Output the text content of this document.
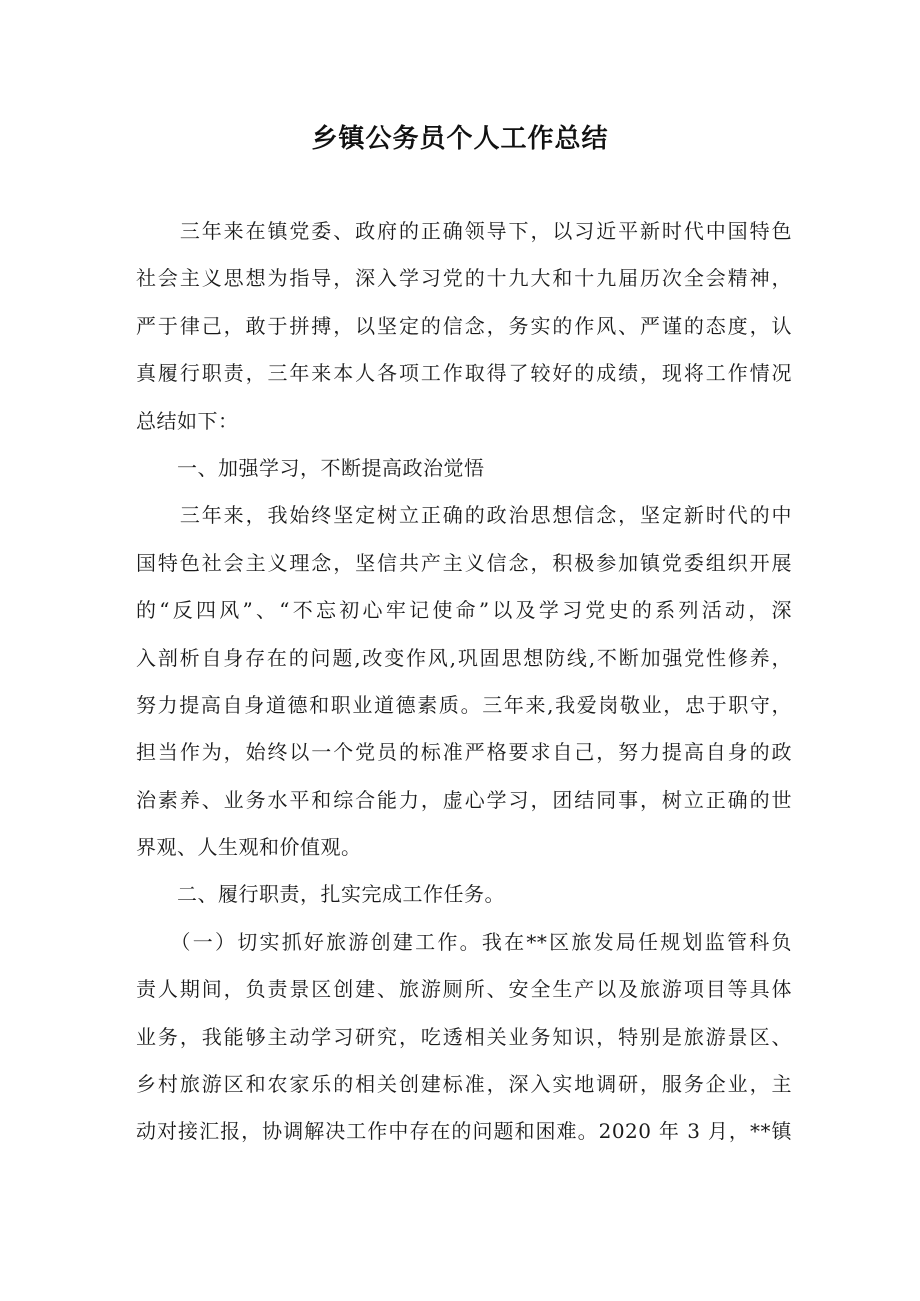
乡镇公务员个人工作总结
　　三年来在镇党委、政府的正确领导下，以习近平新时代中国特色
社会主义思想为指导，深入学习党的十九大和十九届历次全会精神，
严于律己，敢于拼搏，以坚定的信念，务实的作风、严谨的态度，认
真履行职责，三年来本人各项工作取得了较好的成绩，现将工作情况
总结如下：
　　一、加强学习，不断提高政治觉悟
　　三年来，我始终坚定树立正确的政治思想信念，坚定新时代的中
国特色社会主义理念，坚信共产主义信念，积极参加镇党委组织开展
的“反四风”、“不忘初心牢记使命”以及学习党史的系列活动，深
入剖析自身存在的问题,改变作风,巩固思想防线,不断加强党性修养，
努力提高自身道德和职业道德素质。三年来,我爱岗敬业，忠于职守，
担当作为，始终以一个党员的标准严格要求自己，努力提高自身的政
治素养、业务水平和综合能力，虚心学习，团结同事，树立正确的世
界观、人生观和价值观。
　　二、履行职责，扎实完成工作任务。
　　（一）切实抓好旅游创建工作。我在**区旅发局任规划监管科负
责人期间，负责景区创建、旅游厕所、安全生产以及旅游项目等具体
业务，我能够主动学习研究，吃透相关业务知识，特别是旅游景区、
乡村旅游区和农家乐的相关创建标准，深入实地调研，服务企业，主
动对接汇报，协调解决工作中存在的问题和困难。2020 年 3 月，**镇
